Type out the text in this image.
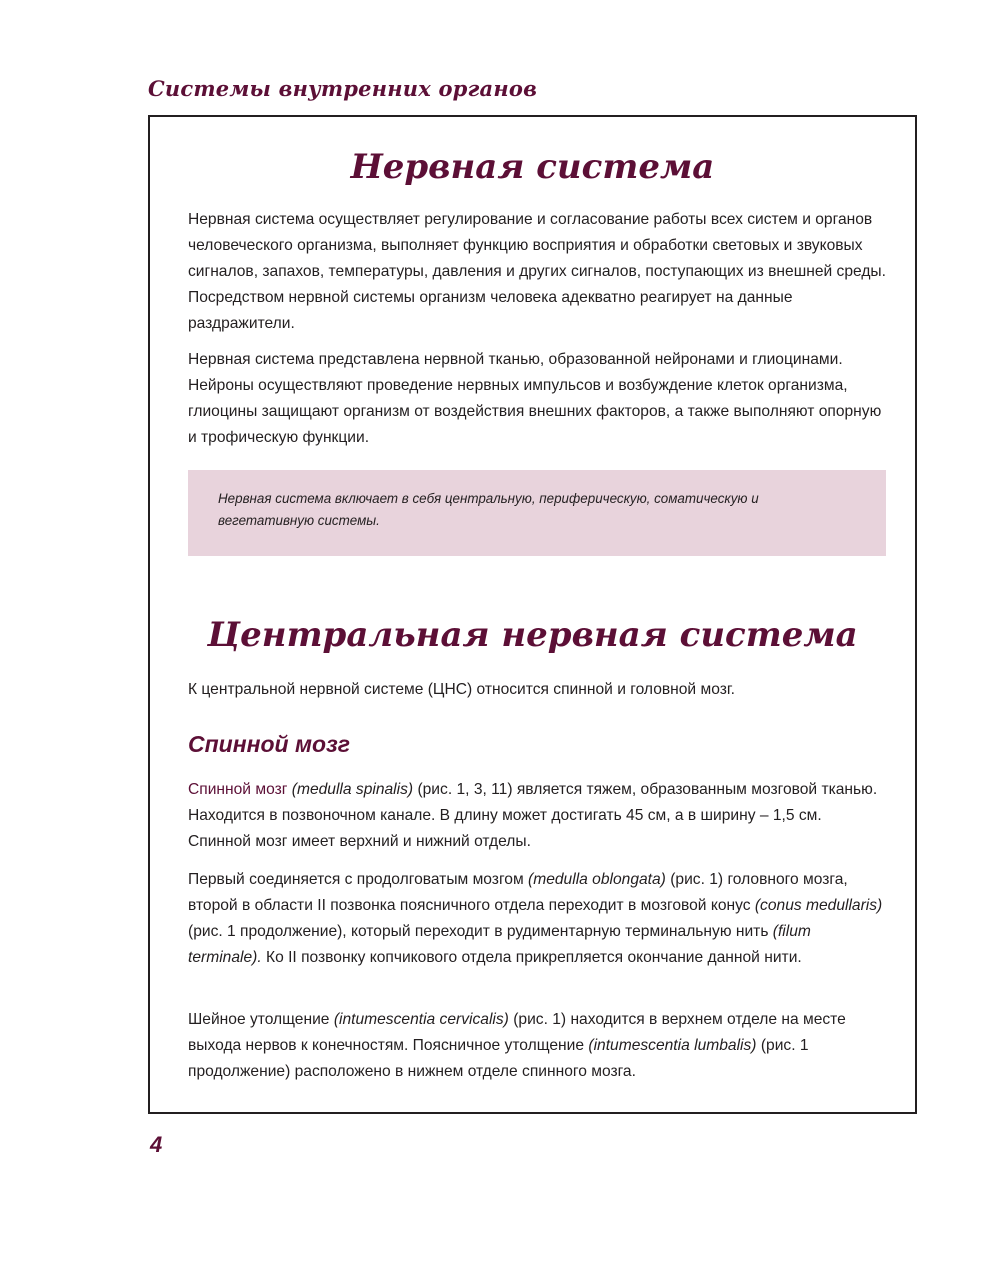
Системы внутренних органов
Нервная система

Нервная система осуществляет регулирование и согласование работы всех систем и органов человеческого организма, выполняет функцию восприятия и обработки световых и звуковых сигналов, запахов, температуры, давления и других сигналов, поступающих из внешней среды. Посредством нервной системы организм человека адекватно реагирует на данные раздражители.

Нервная система представлена нервной тканью, образованной нейронами и глиоцинами. Нейроны осуществляют проведение нервных импульсов и возбуждение клеток организма, глиоцины защищают организм от воздействия внешних факторов, а также выполняют опорную и трофическую функции.

Нервная система включает в себя центральную, периферическую, соматическую и вегетативную системы.

Центральная нервная система

К центральной нервной системе (ЦНС) относится спинной и головной мозг.

Спинной мозг

Спинной мозг (medulla spinalis) (рис. 1, 3, 11) является тяжем, образованным мозговой тканью. Находится в позвоночном канале. В длину может достигать 45 см, а в ширину – 1,5 см. Спинной мозг имеет верхний и нижний отделы.

Первый соединяется с продолговатым мозгом (medulla oblongata) (рис. 1) головного мозга, второй в области II позвонка поясничного отдела переходит в мозговой конус (conus medullaris) (рис. 1 продолжение), который переходит в рудиментарную терминальную нить (filum terminale). Ко II позвонку копчикового отдела прикрепляется окончание данной нити.

Шейное утолщение (intumescentia cervicalis) (рис. 1) находится в верхнем отделе на месте выхода нервов к конечностям. Поясничное утолщение (intumescentia lumbalis) (рис. 1 продолжение) расположено в нижнем отделе спинного мозга.

4
